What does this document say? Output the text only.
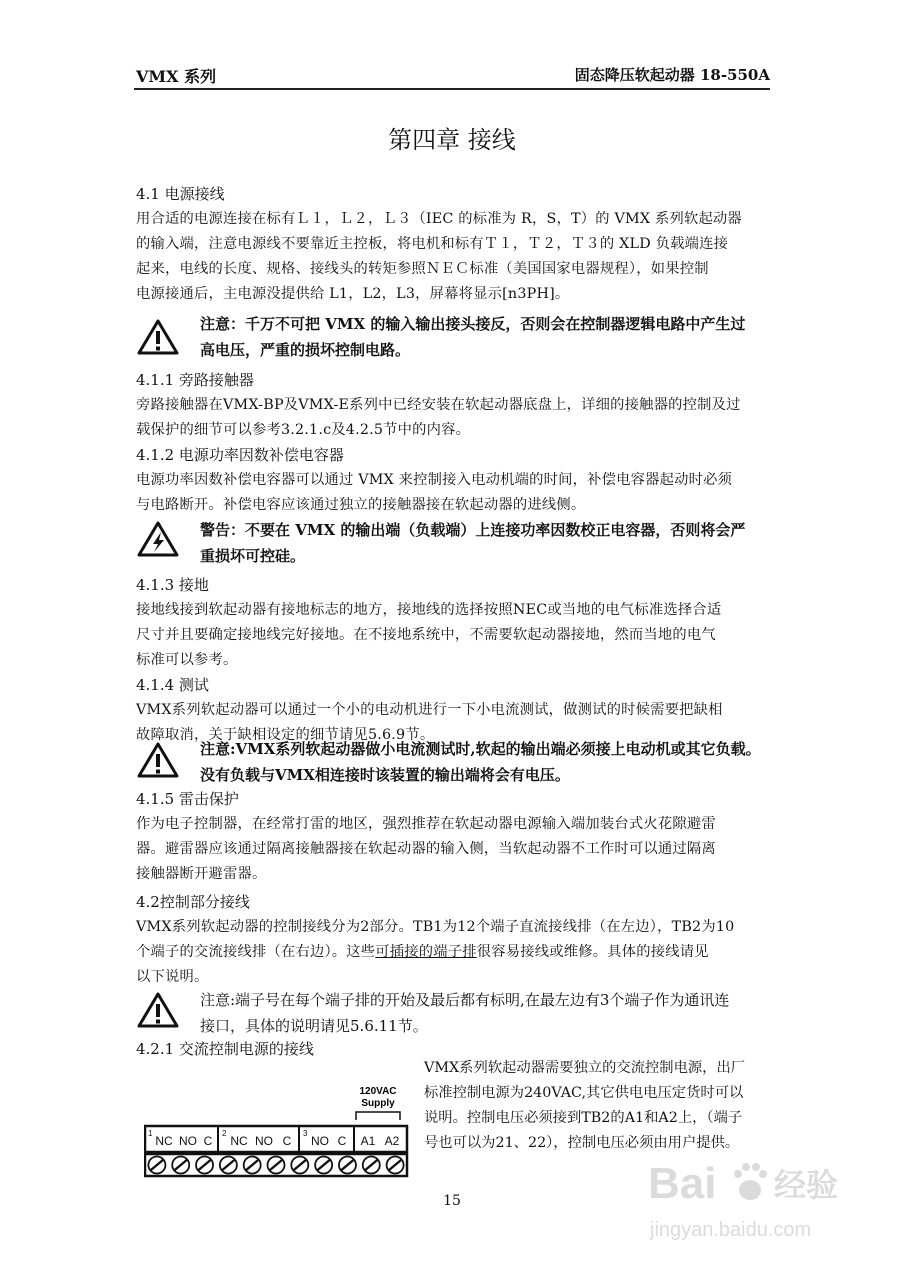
VMX 系列	固态降压软起动器 18-550A
第四章 接线
4.1 电源接线
用合适的电源连接在标有Ｌ１，Ｌ２，Ｌ３（IEC 的标准为 R，S，T）的 VMX 系列软起动器
的输入端，注意电源线不要靠近主控板，将电机和标有Ｔ１，Ｔ２，Ｔ３的 XLD 负载端连接
起来，电线的长度、规格、接线头的转矩参照ＮＥＣ标准（美国国家电器规程），如果控制
电源接通后，主电源没提供给 L1，L2，L3，屏幕将显示[n3PH]。
注意：千万不可把 VMX 的输入输出接头接反，否则会在控制器逻辑电路中产生过
高电压，严重的损坏控制电路。
4.1.1 旁路接触器
旁路接触器在VMX-BP及VMX-E系列中已经安装在软起动器底盘上，详细的接触器的控制及过
载保护的细节可以参考3.2.1.c及4.2.5节中的内容。
4.1.2 电源功率因数补偿电容器
电源功率因数补偿电容器可以通过 VMX 来控制接入电动机端的时间，补偿电容器起动时必须
与电路断开。补偿电容应该通过独立的接触器接在软起动器的进线侧。
警告：不要在 VMX 的输出端（负载端）上连接功率因数校正电容器，否则将会严
重损坏可控硅。
4.1.3 接地
接地线接到软起动器有接地标志的地方，接地线的选择按照NEC或当地的电气标准选择合适
尺寸并且要确定接地线完好接地。在不接地系统中，不需要软起动器接地，然而当地的电气
标准可以参考。
4.1.4 测试
VMX系列软起动器可以通过一个小的电动机进行一下小电流测试，做测试的时候需要把缺相
故障取消，关于缺相设定的细节请见5.6.9节。
注意:VMX系列软起动器做小电流测试时,软起的输出端必须接上电动机或其它负载。
没有负载与VMX相连接时该装置的输出端将会有电压。
4.1.5 雷击保护
作为电子控制器，在经常打雷的地区，强烈推荐在软起动器电源输入端加装台式火花隙避雷
器。避雷器应该通过隔离接触器接在软起动器的输入侧，当软起动器不工作时可以通过隔离
接触器断开避雷器。
4.2控制部分接线
VMX系列软起动器的控制接线分为2部分。TB1为12个端子直流接线排（在左边），TB2为10
个端子的交流接线排（在右边）。这些可插接的端子排很容易接线或维修。具体的接线请见
以下说明。
注意:端子号在每个端子排的开始及最后都有标明,在最左边有3个端子作为通讯连
接口，具体的说明请见5.6.11节。
4.2.1 交流控制电源的接线
VMX系列软起动器需要独立的交流控制电源，出厂
标准控制电源为240VAC,其它供电电压定货时可以
说明。控制电压必须接到TB2的A1和A2上，（端子
号也可以为21、22），控制电压必须由用户提供。
120VAC
Supply
1
NC NO C
2
NC NO C
3
NO C A1 A2
15	Bai 经验
jingyan.baidu.com
